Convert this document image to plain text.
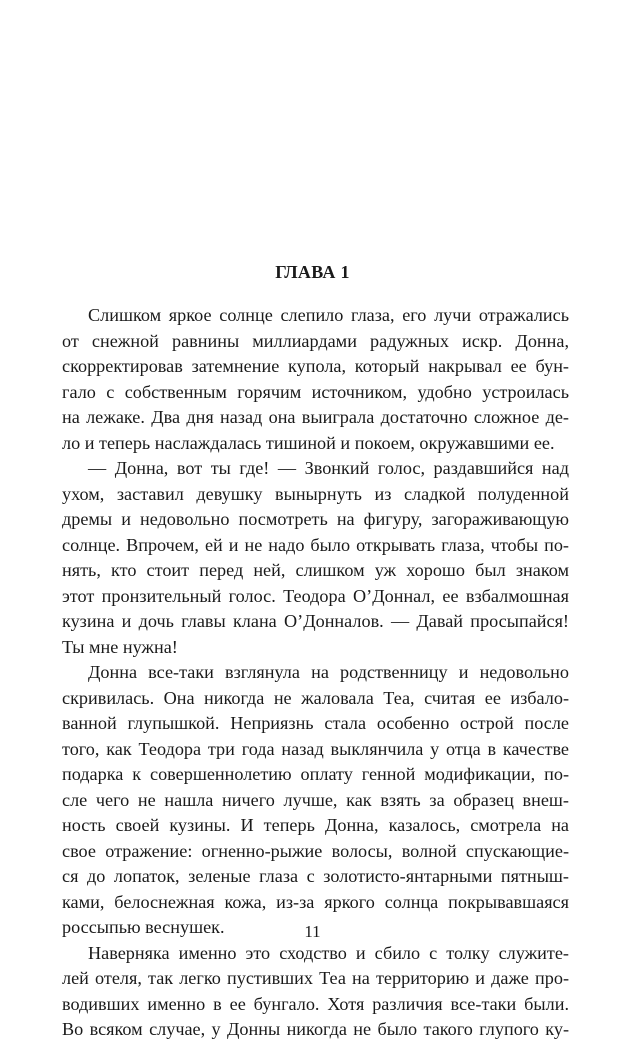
ГЛАВА 1
Слишком яркое солнце слепило глаза, его лучи отражались
от снежной равнины миллиардами радужных искр. Донна,
скорректировав затемнение купола, который накрывал ее бун-
гало с собственным горячим источником, удобно устроилась
на лежаке. Два дня назад она выиграла достаточно сложное де-
ло и теперь наслаждалась тишиной и покоем, окружавшими ее.
— Донна, вот ты где! — Звонкий голос, раздавшийся над
ухом, заставил девушку вынырнуть из сладкой полуденной
дремы и недовольно посмотреть на фигуру, загораживающую
солнце. Впрочем, ей и не надо было открывать глаза, чтобы по-
нять, кто стоит перед ней, слишком уж хорошо был знаком
этот пронзительный голос. Теодора О’Доннал, ее взбалмошная
кузина и дочь главы клана О’Донналов. — Давай просыпайся!
Ты мне нужна!
Донна все-таки взглянула на родственницу и недовольно
скривилась. Она никогда не жаловала Теа, считая ее избало-
ванной глупышкой. Неприязнь стала особенно острой после
того, как Теодора три года назад выклянчила у отца в качестве
подарка к совершеннолетию оплату генной модификации, по-
сле чего не нашла ничего лучше, как взять за образец внеш-
ность своей кузины. И теперь Донна, казалось, смотрела на
свое отражение: огненно-рыжие волосы, волной спускающие-
ся до лопаток, зеленые глаза с золотисто-янтарными пятныш-
ками, белоснежная кожа, из-за яркого солнца покрывавшаяся
россыпью веснушек.
Наверняка именно это сходство и сбило с толку служите-
лей отеля, так легко пустивших Теа на территорию и даже про-
водивших именно в ее бунгало. Хотя различия все-таки были.
Во всяком случае, у Донны никогда не было такого глупого ку-
11
